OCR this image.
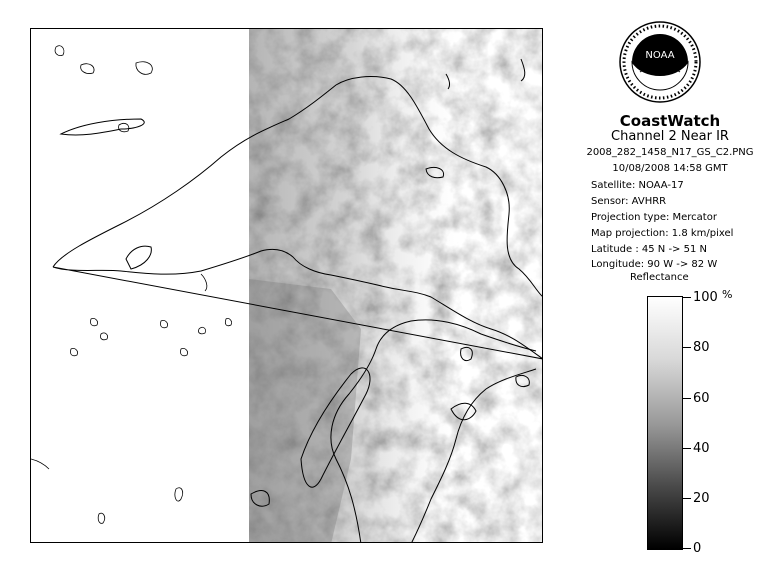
NOAA
CoastWatch
Channel 2 Near IR
2008_282_1458_N17_GS_C2.PNG
10/08/2008 14:58 GMT
Satellite: NOAA-17
Sensor: AVHRR
Projection type: Mercator
Map projection: 1.8 km/pixel
Latitude : 45 N -> 51 N
Longitude: 90 W -> 82 W
Reflectance
100 %
80
60
40
20
0
